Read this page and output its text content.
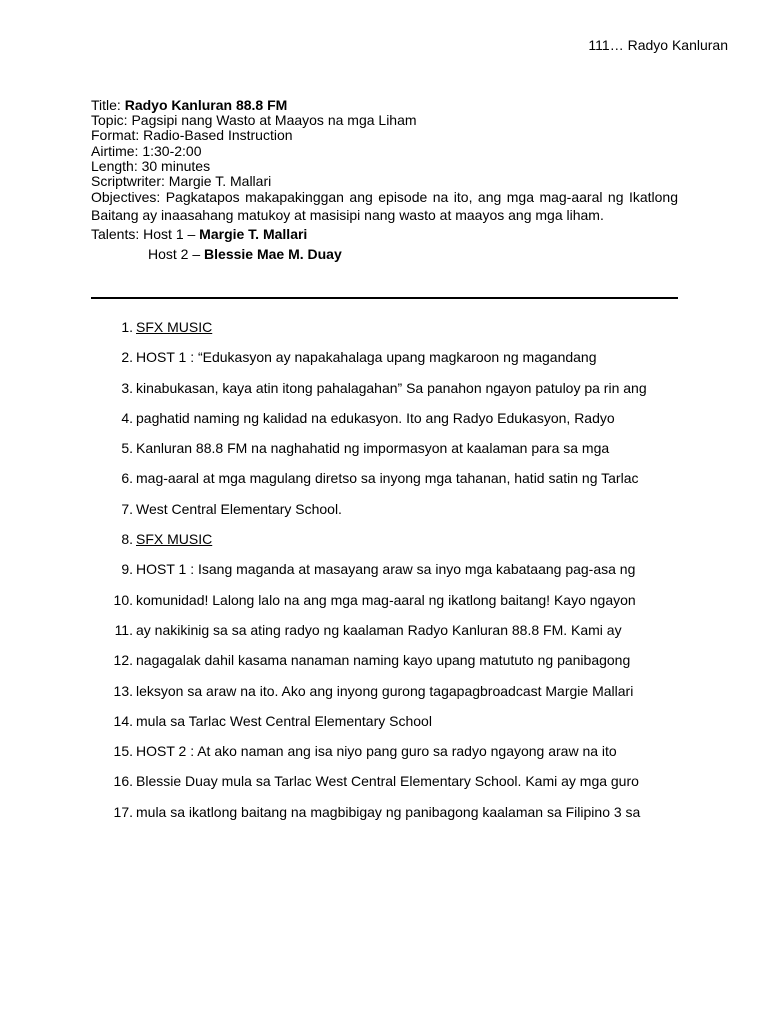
111… Radyo Kanluran
Title: Radyo Kanluran 88.8 FM
Topic: Pagsipi nang Wasto at Maayos na mga Liham
Format: Radio-Based Instruction
Airtime: 1:30-2:00
Length: 30 minutes
Scriptwriter: Margie T. Mallari
Objectives: Pagkatapos makapakinggan ang episode na ito, ang mga mag-aaral ng Ikatlong Baitang ay inaasahang matukoy at masisipi nang wasto at maayos ang mga liham.
Talents: Host 1 – Margie T. Mallari
Host 2 – Blessie Mae M. Duay
1. SFX MUSIC
2. HOST 1 : “Edukasyon ay napakahalaga upang magkaroon ng magandang
3. kinabukasan, kaya atin itong pahalagahan” Sa panahon ngayon patuloy pa rin ang
4. paghatid naming ng kalidad na edukasyon. Ito ang Radyo Edukasyon, Radyo
5. Kanluran 88.8 FM na naghahatid ng impormasyon at kaalaman para sa mga
6. mag-aaral at mga magulang diretso sa inyong mga tahanan, hatid satin ng Tarlac
7. West Central Elementary School.
8. SFX MUSIC
9. HOST 1 : Isang maganda at masayang araw sa inyo mga kabataang pag-asa ng
10. komunidad! Lalong lalo na ang mga mag-aaral ng ikatlong baitang! Kayo ngayon
11. ay nakikinig sa sa ating radyo ng kaalaman Radyo Kanluran 88.8 FM. Kami ay
12. nagagalak dahil kasama nanaman naming kayo upang matututo ng panibagong
13. leksyon sa araw na ito. Ako ang inyong gurong tagapagbroadcast Margie Mallari
14. mula sa Tarlac West Central Elementary School
15. HOST 2 : At ako naman ang isa niyo pang guro sa radyo ngayong araw na ito
16. Blessie Duay mula sa Tarlac West Central Elementary School. Kami ay mga guro
17. mula sa ikatlong baitang na magbibigay ng panibagong kaalaman sa Filipino 3 sa
